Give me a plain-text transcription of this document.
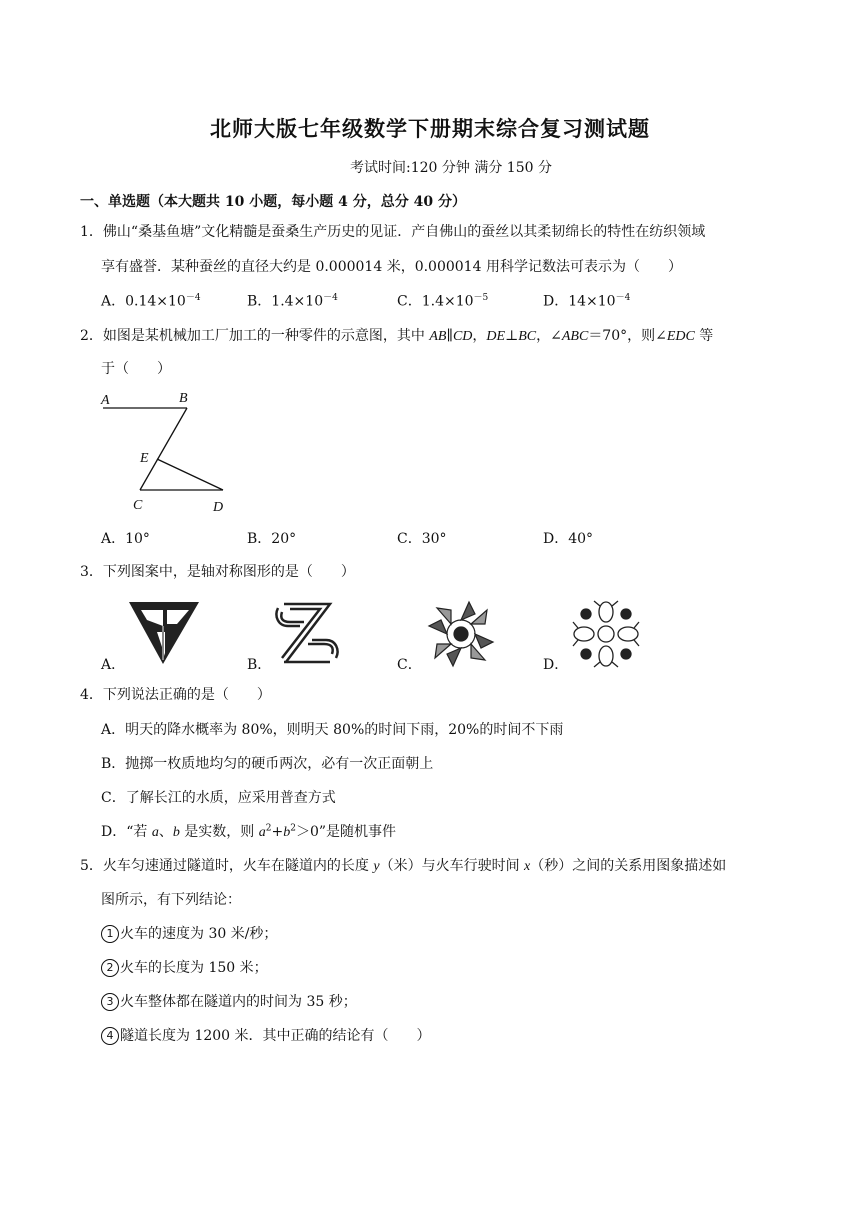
北师大版七年级数学下册期末综合复习测试题
考试时间:120 分钟 满分 150 分
一、单选题（本大题共 10 小题，每小题 4 分，总分 40 分）
1．佛山“桑基鱼塘”文化精髓是蚕桑生产历史的见证．产自佛山的蚕丝以其柔韧绵长的特性在纺织领域
享有盛誉．某种蚕丝的直径大约是 0.000014 米，0.000014 用科学记数法可表示为（　　）
A．$0.14\times 10^{-4}$	B．$1.4\times 10^{-4}$	C．$1.4\times 10^{-5}$	D．$14\times 10^{-4}$
2．如图是某机械加工厂加工的一种零件的示意图，其中 AB∥CD，DE⊥BC，∠ABC＝70°，则∠EDC 等
于（　　）
A	B
E
C	D
A．10°	B．20°	C．30°	D．40°
3．下列图案中，是轴对称图形的是（　　）
A．	B．	C．	D．
4．下列说法正确的是（　　）
A．明天的降水概率为 80%，则明天 80%的时间下雨，20%的时间不下雨
B．抛掷一枚质地均匀的硬币两次，必有一次正面朝上
C．了解长江的水质，应采用普查方式
D．“若 a、b 是实数，则 $a^2+b^2>0$”是随机事件
5．火车匀速通过隧道时，火车在隧道内的长度 y（米）与火车行驶时间 x（秒）之间的关系用图象描述如
图所示，有下列结论：
1 火车的速度为 30 米/秒；
2 火车的长度为 150 米；
3 火车整体都在隧道内的时间为 35 秒；
4 隧道长度为 1200 米．其中正确的结论有（　　）
